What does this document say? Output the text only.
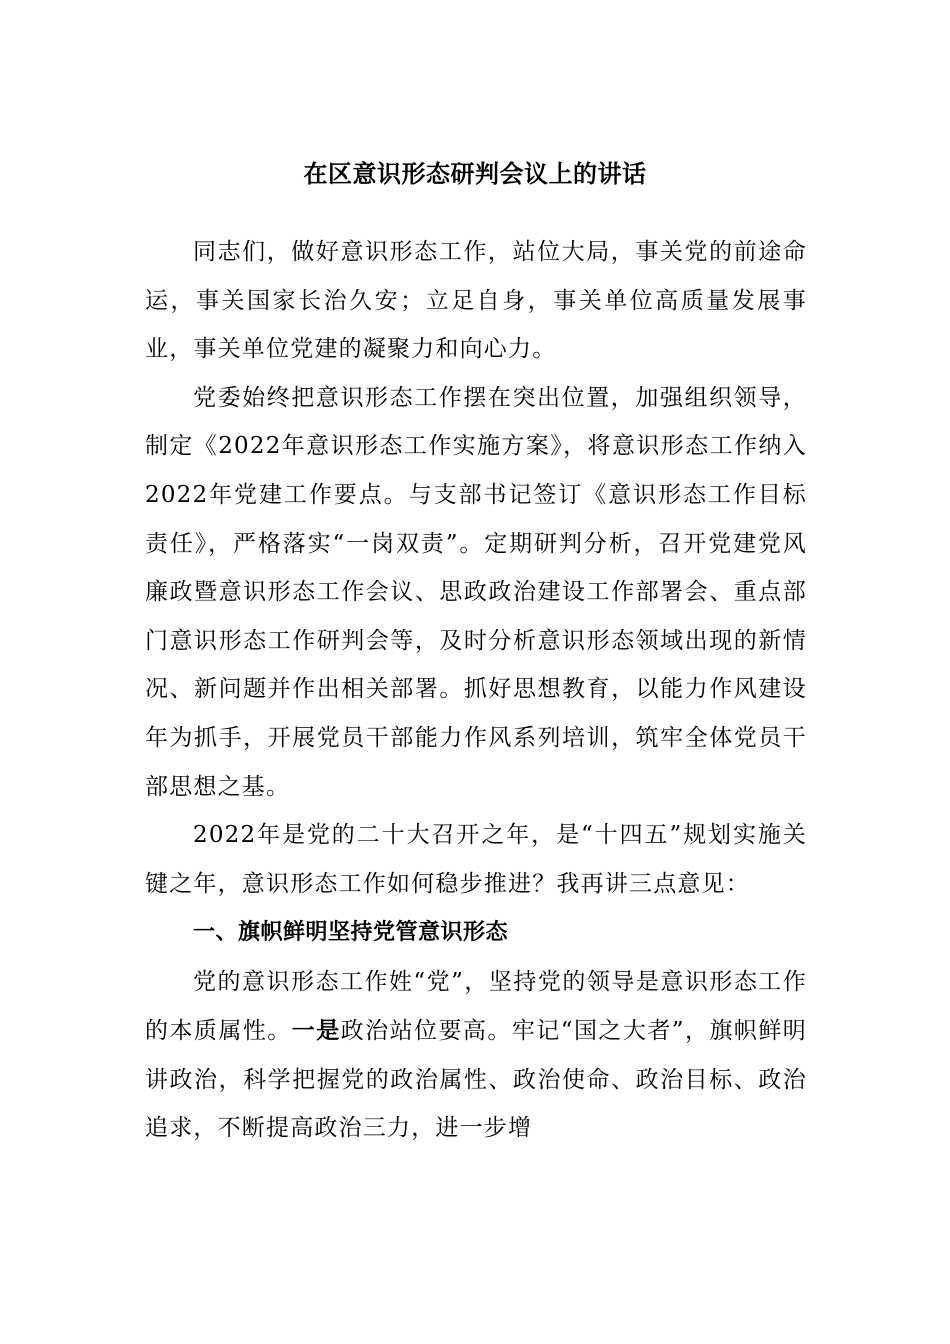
在区意识形态研判会议上的讲话

同志们，做好意识形态工作，站位大局，事关党的前途命运，事关国家长治久安；立足自身，事关单位高质量发展事业，事关单位党建的凝聚力和向心力。

党委始终把意识形态工作摆在突出位置，加强组织领导，制定《2022年意识形态工作实施方案》，将意识形态工作纳入2022年党建工作要点。与支部书记签订《意识形态工作目标责任》，严格落实“一岗双责”。定期研判分析，召开党建党风廉政暨意识形态工作会议、思政政治建设工作部署会、重点部门意识形态工作研判会等，及时分析意识形态领域出现的新情况、新问题并作出相关部署。抓好思想教育，以能力作风建设年为抓手，开展党员干部能力作风系列培训，筑牢全体党员干部思想之基。

2022年是党的二十大召开之年，是“十四五”规划实施关键之年，意识形态工作如何稳步推进？我再讲三点意见：

一、旗帜鲜明坚持党管意识形态

党的意识形态工作姓“党”，坚持党的领导是意识形态工作的本质属性。一是政治站位要高。牢记“国之大者”，旗帜鲜明讲政治，科学把握党的政治属性、政治使命、政治目标、政治追求，不断提高政治三力，进一步增
